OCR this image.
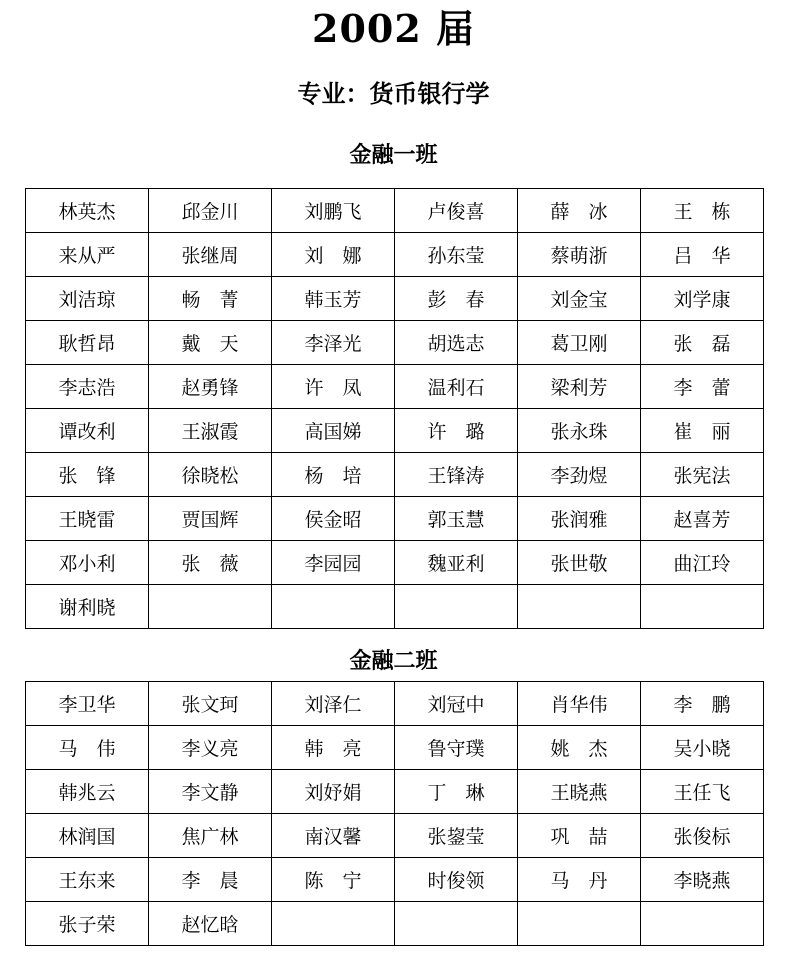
2002 届
专业：货币银行学
金融一班
林英杰	邱金川	刘鹏飞	卢俊喜	薛　冰	王　栋
来从严	张继周	刘　娜	孙东莹	蔡萌浙	吕　华
刘洁琼	畅　菁	韩玉芳	彭　春	刘金宝	刘学康
耿哲昂	戴　天	李泽光	胡选志	葛卫刚	张　磊
李志浩	赵勇锋	许　凤	温利石	梁利芳	李　蕾
谭改利	王淑霞	高国娣	许　璐	张永珠	崔　丽
张　锋	徐晓松	杨　培	王锋涛	李劲煜	张宪法
王晓雷	贾国辉	侯金昭	郭玉慧	张润雅	赵喜芳
邓小利	张　薇	李园园	魏亚利	张世敬	曲江玲
谢利晓					
金融二班
李卫华	张文珂	刘泽仁	刘冠中	肖华伟	李　鹏
马　伟	李义亮	韩　亮	鲁守璞	姚　杰	吴小晓
韩兆云	李文静	刘妤娟	丁　琳	王晓燕	王任飞
林润国	焦广林	南汉馨	张鋆莹	巩　喆	张俊标
王东来	李　晨	陈　宁	时俊领	马　丹	李晓燕
张子荣	赵忆晗				
